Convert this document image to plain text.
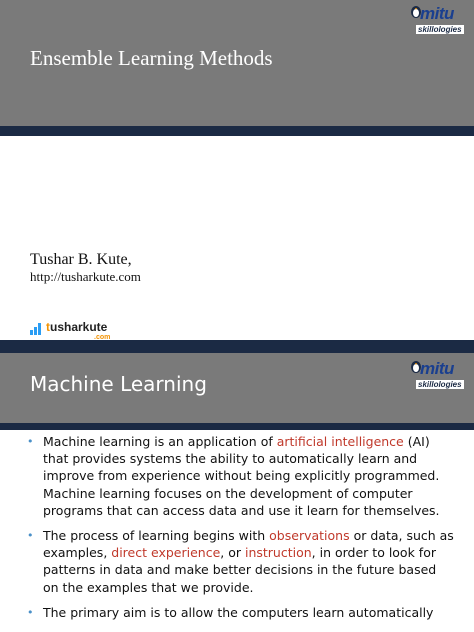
Ensemble Learning Methods
mitu
skillologies
Tushar B. Kute,
http://tusharkute.com
tusharkute
.com
Machine Learning
• Machine learning is an application of artificial intelligence (AI) that provides systems the ability to automatically learn and improve from experience without being explicitly programmed. Machine learning focuses on the development of computer programs that can access data and use it learn for themselves.
• The process of learning begins with observations or data, such as examples, direct experience, or instruction, in order to look for patterns in data and make better decisions in the future based on the examples that we provide.
• The primary aim is to allow the computers learn automatically
mitu
skillologies
